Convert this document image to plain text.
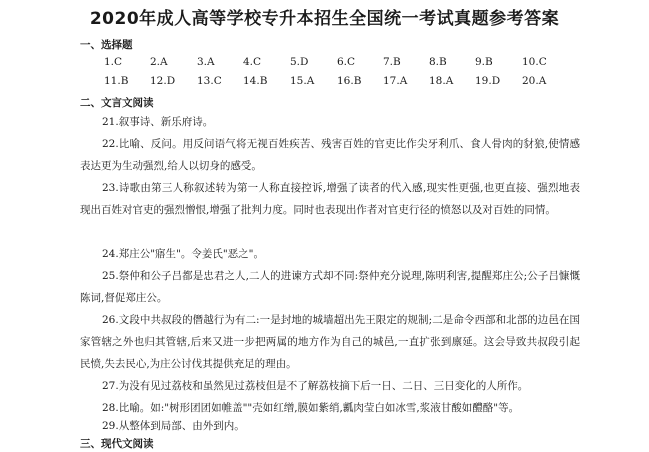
2020年成人高等学校专升本招生全国统一考试真题参考答案
一、选择题
1.C	2.A	3.A	4.C	5.D	6.C	7.B	8.B	9.B	10.C
11.B 12.D 13.C 14.B 15.A 16.B 17.A 18.A 19.D 20.A
二、文言文阅读
21.叙事诗、新乐府诗。
22.比喻、反问。用反问语气将无视百姓疾苦、残害百姓的官吏比作尖牙利爪、食人骨肉的豺狼,使情感表达更为生动强烈,给人以切身的感受。
23.诗歌由第三人称叙述转为第一人称直接控诉,增强了读者的代入感,现实性更强,也更直接、强烈地表现出百姓对官吏的强烈憎恨,增强了批判力度。同时也表现出作者对官吏行径的愤怒以及对百姓的同情。
24.郑庄公"寤生"。令姜氏"恶之"。
25.祭仲和公子吕都是忠君之人,二人的进谏方式却不同:祭仲充分说理,陈明利害,提醒郑庄公;公子吕慷慨陈词,督促郑庄公。
26.文段中共叔段的僭越行为有二:一是封地的城墙超出先王限定的规制;二是命令西部和北部的边邑在国家管辖之外也归其管辖,后来又进一步把两属的地方作为自己的城邑,一直扩张到廪延。这会导致共叔段引起民愤,失去民心,为庄公讨伐其提供充足的理由。
27.为没有见过荔枝和虽然见过荔枝但是不了解荔枝摘下后一日、二日、三日变化的人所作。
28.比喻。如:"树形团团如帷盖""壳如红缯,膜如紫绡,瓤肉莹白如冰雪,浆液甘酸如醴酪"等。
29.从整体到局部、由外到内。
三、现代文阅读
